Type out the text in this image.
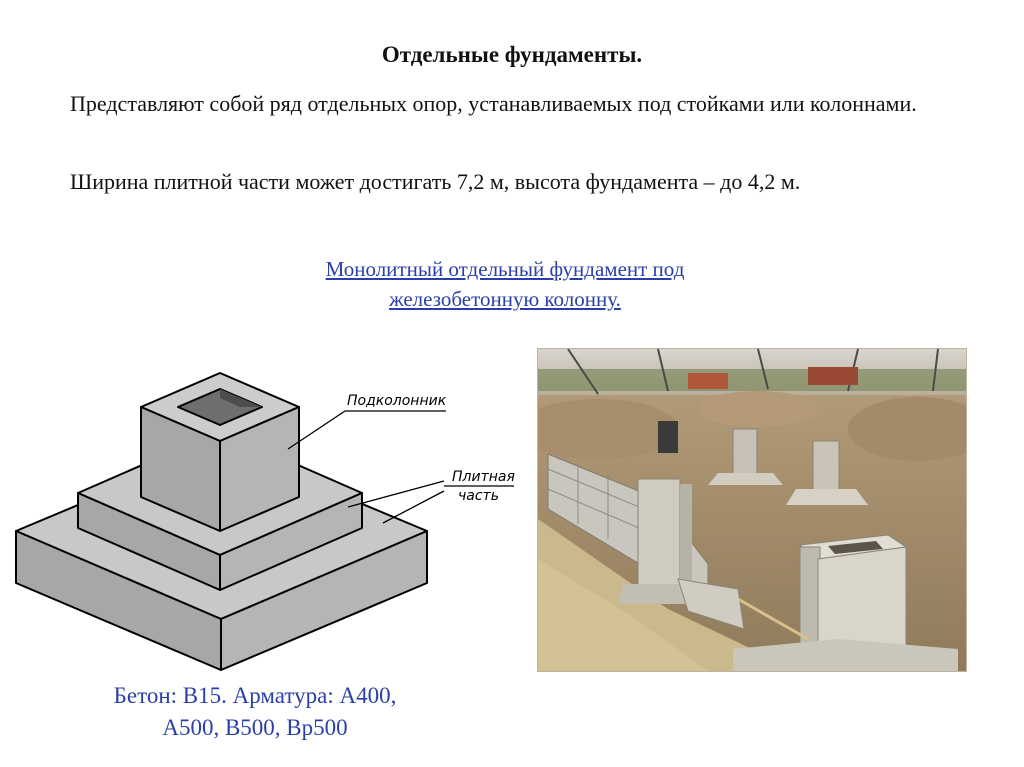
Отдельные фундаменты.
Представляют собой ряд отдельных опор, устанавливаемых под стойками или колоннами.
Ширина плитной части может достигать 7,2 м, высота фундамента – до 4,2 м.
Монолитный отдельный фундамент под
железобетонную колонну.
Подколонник
Плитная
часть
Бетон: В15. Арматура: А400,
А500, В500, Вр500
